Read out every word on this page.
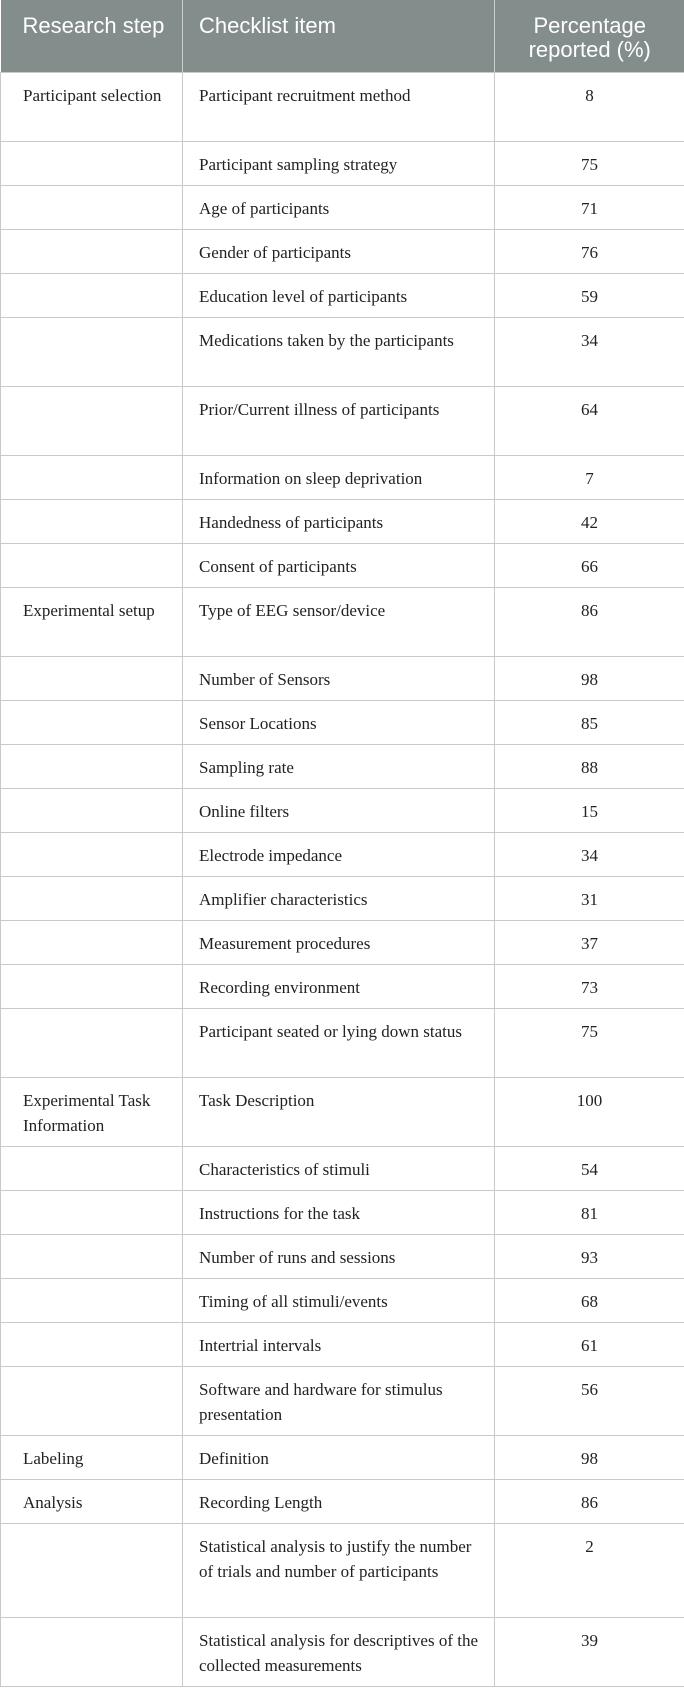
Research step	Checklist item	Percentage reported (%)
Participant selection	Participant recruitment method	8
	Participant sampling strategy	75
	Age of participants	71
	Gender of participants	76
	Education level of participants	59
	Medications taken by the participants	34
	Prior/Current illness of participants	64
	Information on sleep deprivation	7
	Handedness of participants	42
	Consent of participants	66
Experimental setup	Type of EEG sensor/device	86
	Number of Sensors	98
	Sensor Locations	85
	Sampling rate	88
	Online filters	15
	Electrode impedance	34
	Amplifier characteristics	31
	Measurement procedures	37
	Recording environment	73
	Participant seated or lying down status	75
Experimental Task Information	Task Description	100
	Characteristics of stimuli	54
	Instructions for the task	81
	Number of runs and sessions	93
	Timing of all stimuli/events	68
	Intertrial intervals	61
	Software and hardware for stimulus presentation	56
Labeling	Definition	98
Analysis	Recording Length	86
	Statistical analysis to justify the number of trials and number of participants	2
	Statistical analysis for descriptives of the collected measurements	39
